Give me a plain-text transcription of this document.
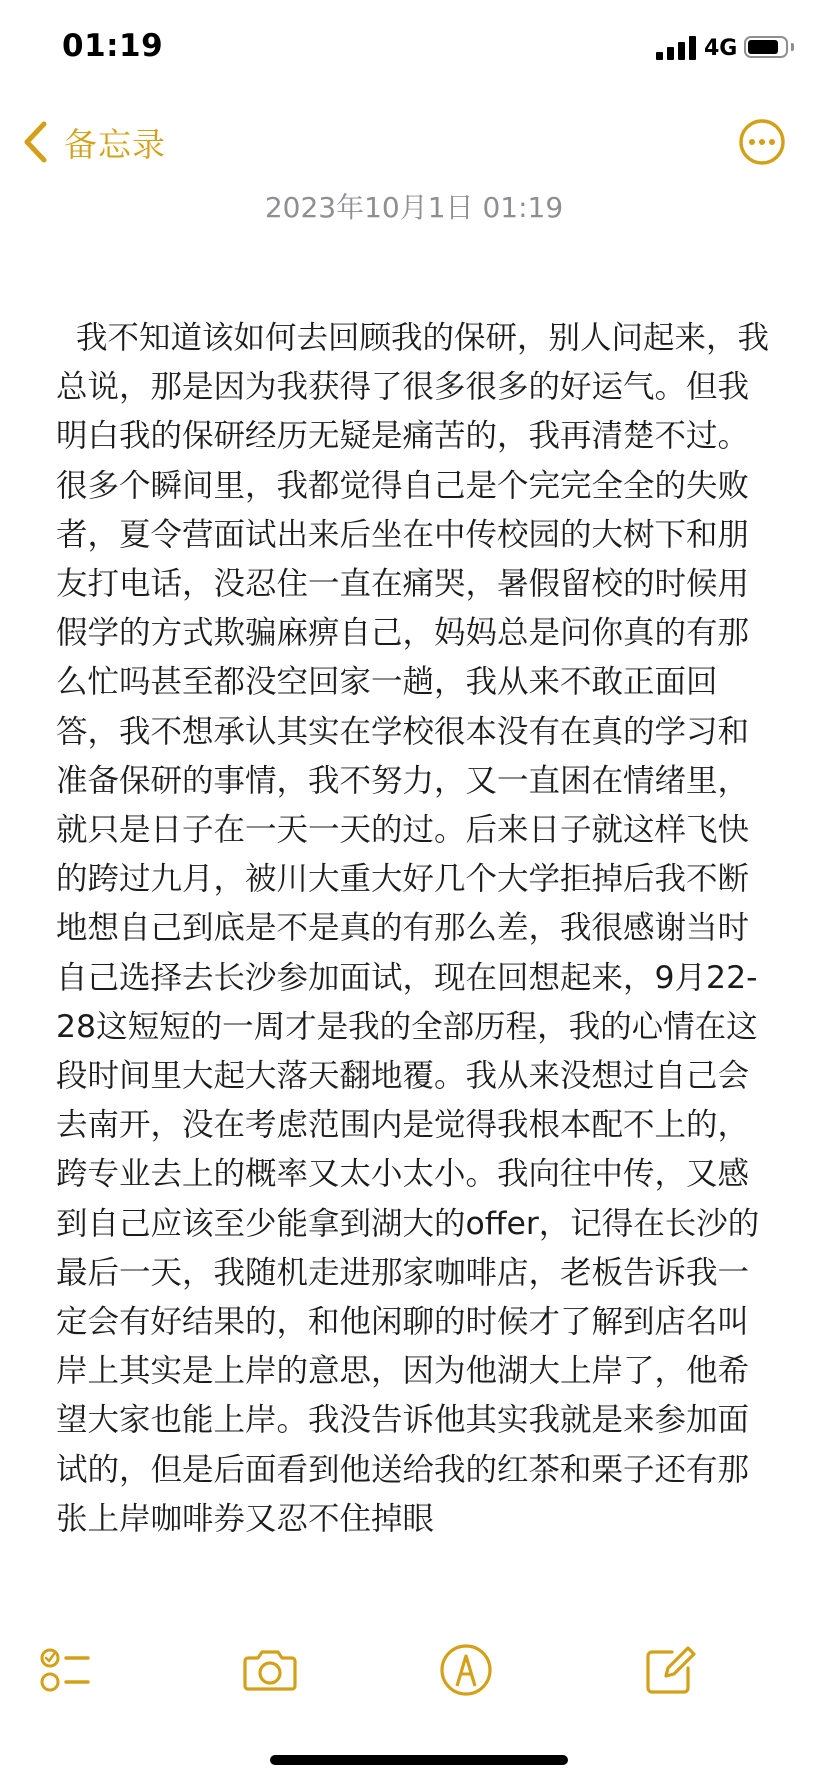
01:19	4G
备忘录
2023年10月1日 01:19
我不知道该如何去回顾我的保研，别人问起来，我总说，那是因为我获得了很多很多的好运气。但我明白我的保研经历无疑是痛苦的，我再清楚不过。很多个瞬间里，我都觉得自己是个完完全全的失败者，夏令营面试出来后坐在中传校园的大树下和朋友打电话，没忍住一直在痛哭，暑假留校的时候用假学的方式欺骗麻痹自己，妈妈总是问你真的有那么忙吗甚至都没空回家一趟，我从来不敢正面回答，我不想承认其实在学校很本没有在真的学习和准备保研的事情，我不努力，又一直困在情绪里，就只是日子在一天一天的过。后来日子就这样飞快的跨过九月，被川大重大好几个大学拒掉后我不断地想自己到底是不是真的有那么差，我很感谢当时自己选择去长沙参加面试，现在回想起来，9月22-28这短短的一周才是我的全部历程，我的心情在这段时间里大起大落天翻地覆。我从来没想过自己会去南开，没在考虑范围内是觉得我根本配不上的，跨专业去上的概率又太小太小。我向往中传，又感到自己应该至少能拿到湖大的offer，记得在长沙的最后一天，我随机走进那家咖啡店，老板告诉我一定会有好结果的，和他闲聊的时候才了解到店名叫岸上其实是上岸的意思，因为他湖大上岸了，他希望大家也能上岸。我没告诉他其实我就是来参加面试的，但是后面看到他送给我的红茶和栗子还有那张上岸咖啡券又忍不住掉眼
